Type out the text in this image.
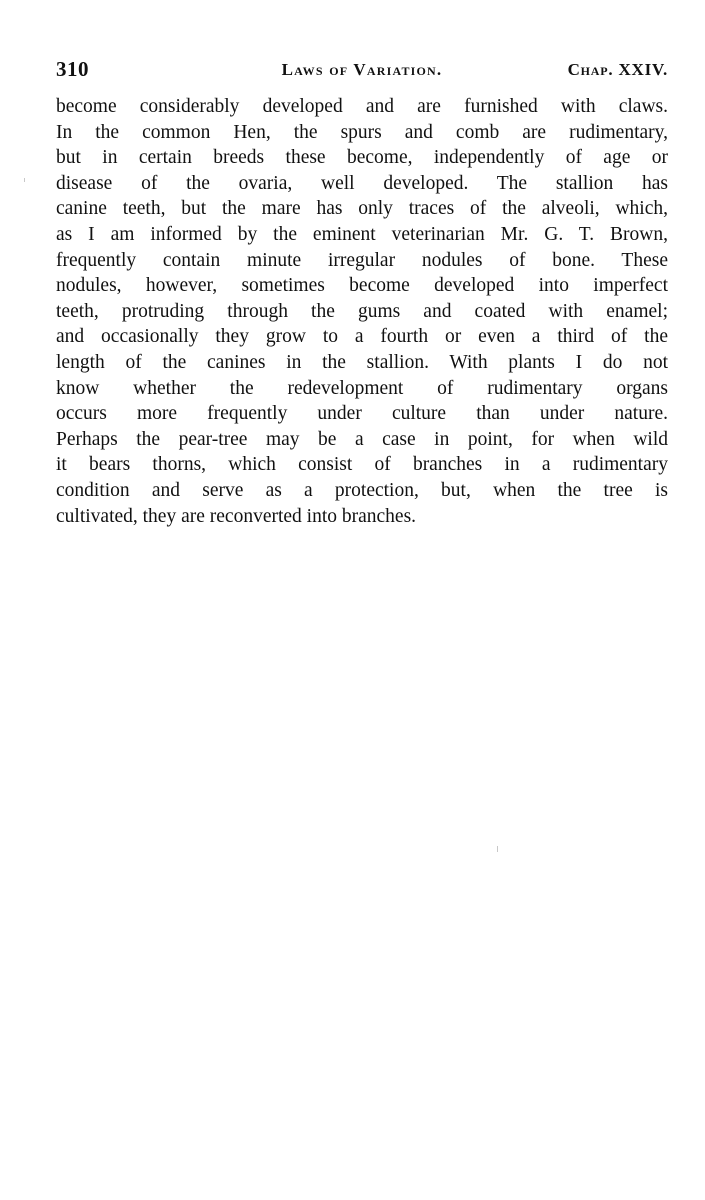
310	Laws of Variation.	Chap. XXIV.
become considerably developed and are furnished with claws.
In the common Hen, the spurs and comb are rudimentary,
but in certain breeds these become, independently of age or
disease of the ovaria, well developed. The stallion has
canine teeth, but the mare has only traces of the alveoli, which,
as I am informed by the eminent veterinarian Mr. G. T. Brown,
frequently contain minute irregular nodules of bone. These
nodules, however, sometimes become developed into imperfect
teeth, protruding through the gums and coated with enamel;
and occasionally they grow to a fourth or even a third of the
length of the canines in the stallion. With plants I do not
know whether the redevelopment of rudimentary organs
occurs more frequently under culture than under nature.
Perhaps the pear-tree may be a case in point, for when wild
it bears thorns, which consist of branches in a rudimentary
condition and serve as a protection, but, when the tree is
cultivated, they are reconverted into branches.
